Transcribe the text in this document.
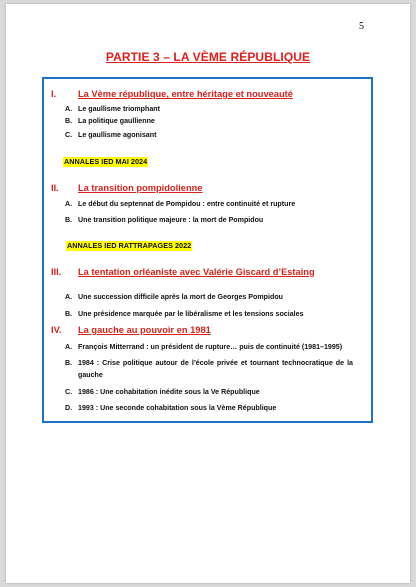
5
PARTIE 3 – LA VÈME RÉPUBLIQUE
I. La Vème république, entre héritage et nouveauté
A. Le gaullisme triomphant
B. La politique gaullienne
C. Le gaullisme agonisant
ANNALES IED MAI 2024
II. La transition pompidolienne
A. Le début du septennat de Pompidou : entre continuité et rupture
B. Une transition politique majeure : la mort de Pompidou
ANNALES IED RATTRAPAGES 2022
III. La tentation orléaniste avec Valérie Giscard d’Estaing
A. Une succession difficile après la mort de Georges Pompidou
B. Une présidence marquée par le libéralisme et les tensions sociales
IV. La gauche au pouvoir en 1981
A. François Mitterrand : un président de rupture… puis de continuité (1981–1995)
B. 1984 : Crise politique autour de l’école privée et tournant technocratique de la gauche
C. 1986 : Une cohabitation inédite sous la Ve République
D. 1993 : Une seconde cohabitation sous la Vème République
